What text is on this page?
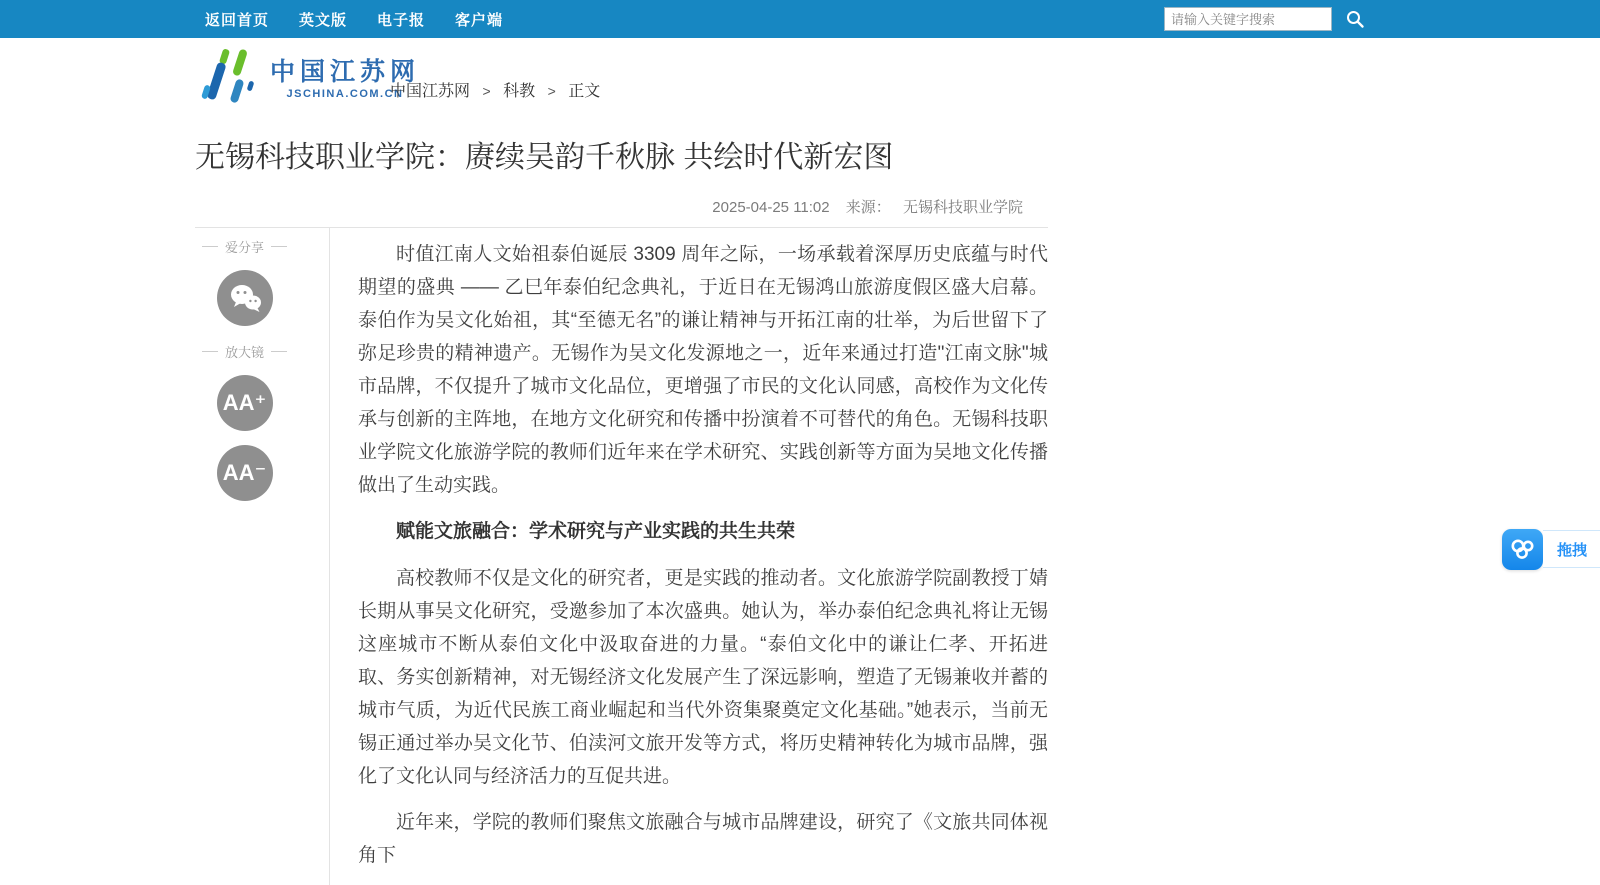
返回首页 英文版 电子报 客户端
请输入关键字搜索
中国江苏网
JSCHINA.COM.CN
中国江苏网 > 科教 > 正文
无锡科技职业学院：赓续吴韵千秋脉 共绘时代新宏图
2025-04-25 11:02 来源： 无锡科技职业学院
爱分享
放大镜
AA⁺
AA⁻

时值江南人文始祖泰伯诞辰 3309 周年之际，一场承载着深厚历史底蕴与时代期望的盛典 —— 乙巳年泰伯纪念典礼，于近日在无锡鸿山旅游度假区盛大启幕。泰伯作为吴文化始祖，其“至德无名”的谦让精神与开拓江南的壮举，为后世留下了弥足珍贵的精神遗产。无锡作为吴文化发源地之一，近年来通过打造"江南文脉"城市品牌，不仅提升了城市文化品位，更增强了市民的文化认同感，高校作为文化传承与创新的主阵地，在地方文化研究和传播中扮演着不可替代的角色。无锡科技职业学院文化旅游学院的教师们近年来在学术研究、实践创新等方面为吴地文化传播做出了生动实践。

赋能文旅融合：学术研究与产业实践的共生共荣

高校教师不仅是文化的研究者，更是实践的推动者。文化旅游学院副教授丁婧长期从事吴文化研究，受邀参加了本次盛典。她认为，举办泰伯纪念典礼将让无锡这座城市不断从泰伯文化中汲取奋进的力量。“泰伯文化中的谦让仁孝、开拓进取、务实创新精神，对无锡经济文化发展产生了深远影响，塑造了无锡兼收并蓄的城市气质，为近代民族工商业崛起和当代外资集聚奠定文化基础。”她表示，当前无锡正通过举办吴文化节、伯渎河文旅开发等方式，将历史精神转化为城市品牌，强化了文化认同与经济活力的互促共进。

近年来，学院的教师们聚焦文旅融合与城市品牌建设，研究了《文旅共同体视角下

拖拽
